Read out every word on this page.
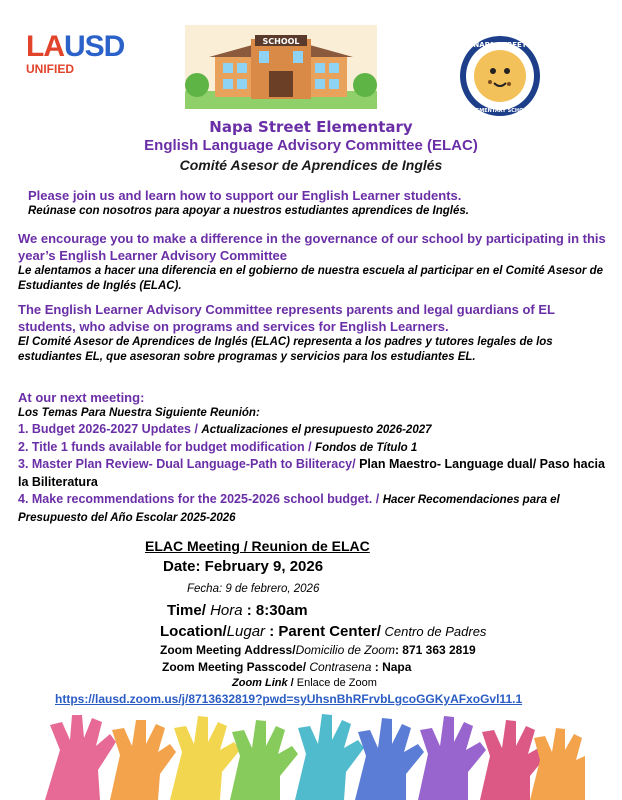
LAUSD
UNIFIED
SCHOOL	NAPA STREET
ELEMENTARY SCHOOL
Napa Street Elementary
English Language Advisory Committee (ELAC)
Comité Asesor de Aprendices de Inglés
Please join us and learn how to support our English Learner students.
Reúnase con nosotros para apoyar a nuestros estudiantes aprendices de Inglés.
We encourage you to make a difference in the governance of our school by participating in this year’s English Learner Advisory Committee
Le alentamos a hacer una diferencia en el gobierno de nuestra escuela al participar en el Comité Asesor de Estudiantes de Inglés (ELAC).
The English Learner Advisory Committee represents parents and legal guardians of EL students, who advise on programs and services for English Learners.
El Comité Asesor de Aprendices de Inglés (ELAC) representa a los padres y tutores legales de los estudiantes EL, que asesoran sobre programas y servicios para los estudiantes EL.
At our next meeting:
Los Temas Para Nuestra Siguiente Reunión:
1. Budget 2026-2027 Updates / Actualizaciones el presupuesto 2026-2027
2. Title 1 funds available for budget modification / Fondos de Título 1
3. Master Plan Review- Dual Language-Path to Biliteracy/ Plan Maestro- Language dual/ Paso hacia la Biliteratura
4. Make recommendations for the 2025-2026 school budget. / Hacer Recomendaciones para el Presupuesto del Año Escolar 2025-2026
ELAC Meeting / Reunion de ELAC
Date: February 9, 2026
Fecha: 9 de febrero, 2026
Time/ Hora : 8:30am
Location/Lugar : Parent Center/ Centro de Padres
Zoom Meeting Address/Domicilio de Zoom: 871 363 2819
Zoom Meeting Passcode/ Contrasena : Napa
Zoom Link / Enlace de Zoom
https://lausd.zoom.us/j/8713632819?pwd=syUhsnBhRFrvbLgcoGGKyAFxoGvl11.1
